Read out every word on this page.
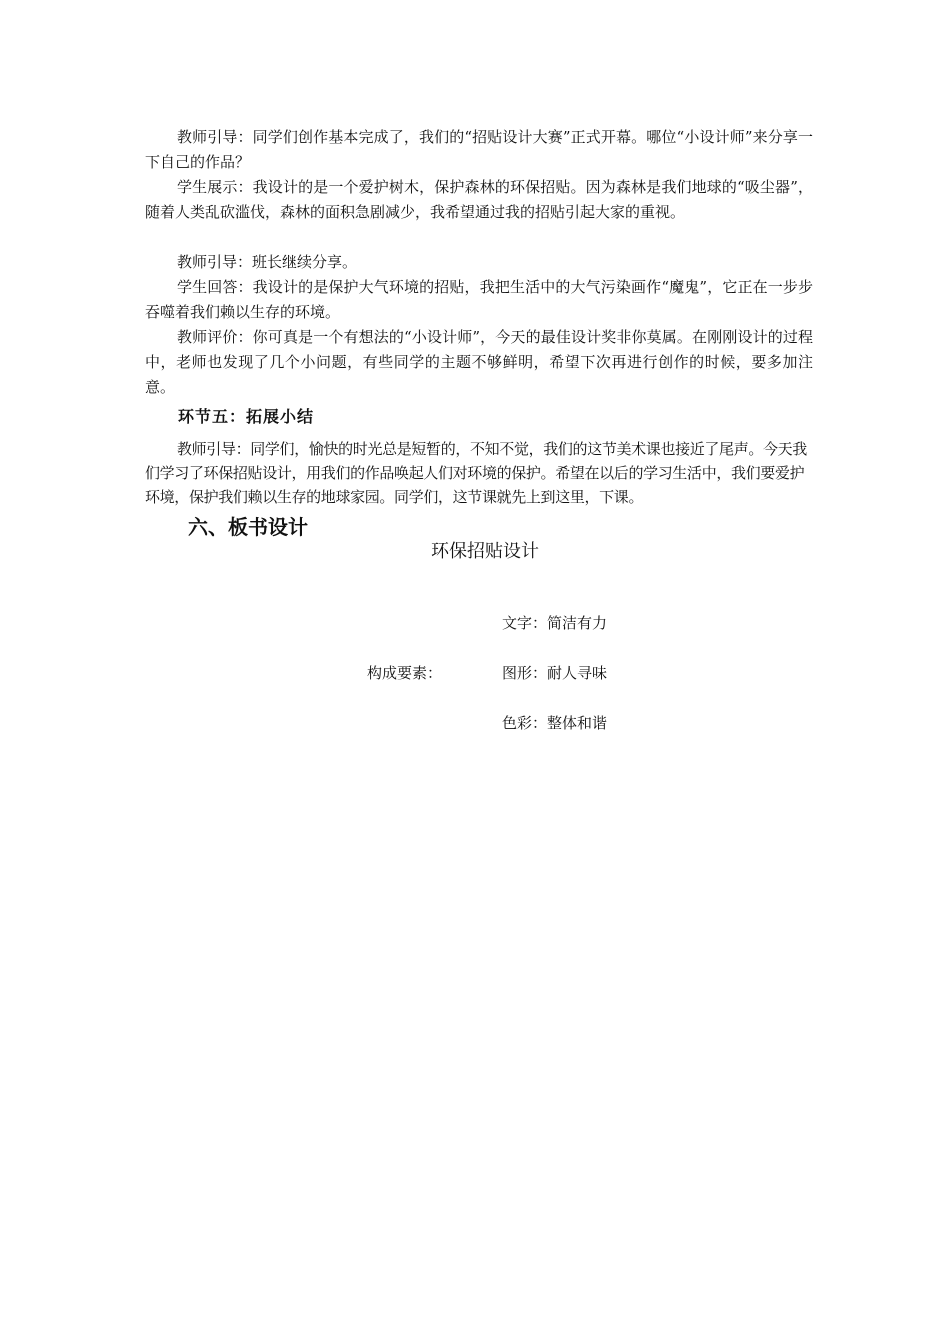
教师引导：同学们创作基本完成了，我们的“招贴设计大赛”正式开幕。哪位“小设计师”来分享一下自己的作品？

学生展示：我设计的是一个爱护树木，保护森林的环保招贴。因为森林是我们地球的“吸尘器”，随着人类乱砍滥伐，森林的面积急剧减少，我希望通过我的招贴引起大家的重视。

教师引导：班长继续分享。

学生回答：我设计的是保护大气环境的招贴，我把生活中的大气污染画作“魔鬼”，它正在一步步吞噬着我们赖以生存的环境。

教师评价：你可真是一个有想法的“小设计师”，今天的最佳设计奖非你莫属。在刚刚设计的过程中，老师也发现了几个小问题，有些同学的主题不够鲜明，希望下次再进行创作的时候，要多加注意。

环节五：拓展小结

教师引导：同学们，愉快的时光总是短暂的，不知不觉，我们的这节美术课也接近了尾声。今天我们学习了环保招贴设计，用我们的作品唤起人们对环境的保护。希望在以后的学习生活中，我们要爱护环境，保护我们赖以生存的地球家园。同学们，这节课就先上到这里，下课。

六、板书设计
环保招贴设计
构成要素：
文字：简洁有力
图形：耐人寻味
色彩：整体和谐
